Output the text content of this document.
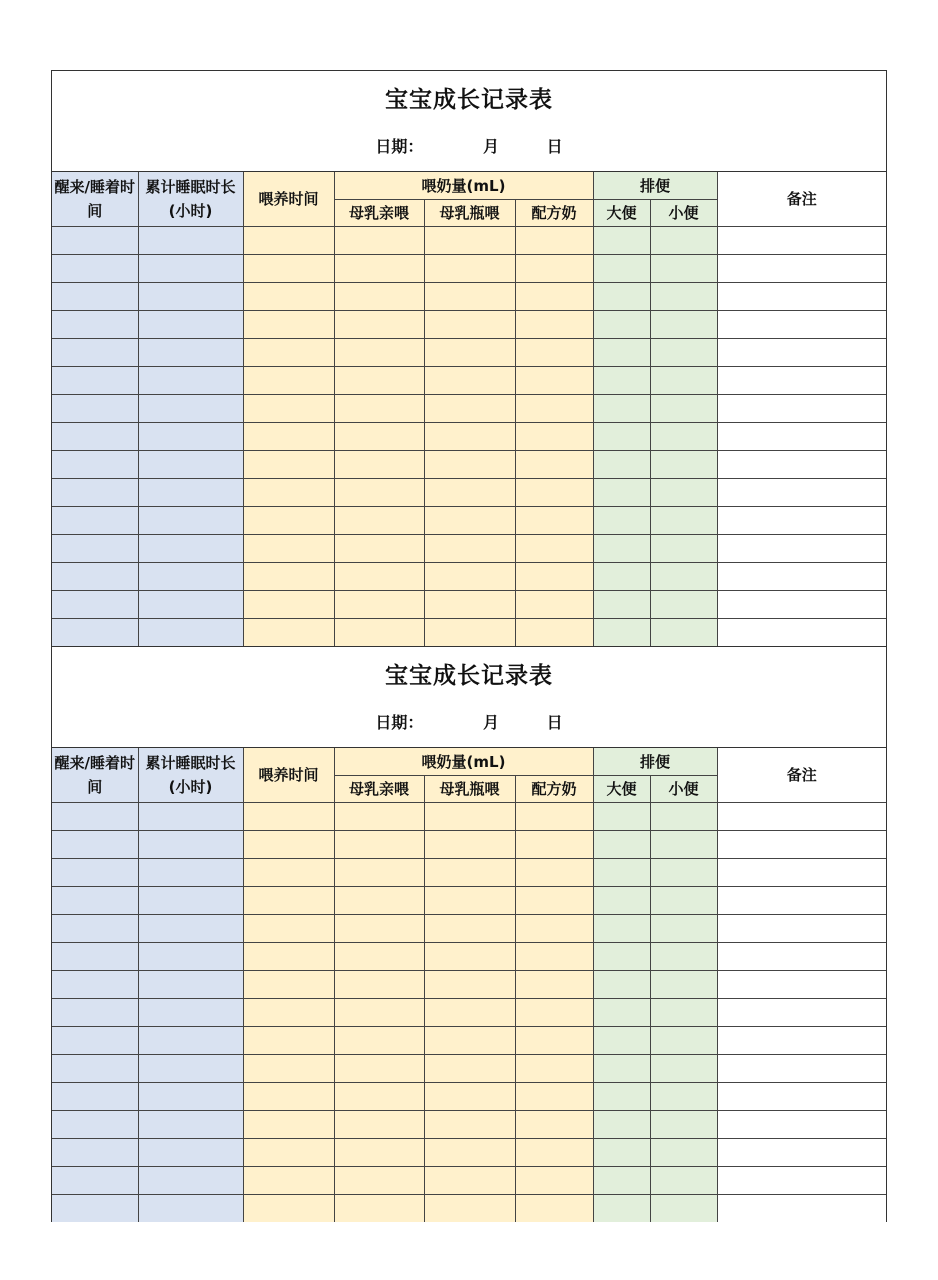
宝宝成长记录表
日期：	月	日
醒来/睡着时间	累计睡眠时长(小时)	喂养时间	喂奶量(mL)			排便		备注
			母乳亲喂	母乳瓶喂	配方奶	大便	小便	

宝宝成长记录表
日期：	月	日
醒来/睡着时间	累计睡眠时长(小时)	喂养时间	喂奶量(mL)			排便		备注
			母乳亲喂	母乳瓶喂	配方奶	大便	小便	
